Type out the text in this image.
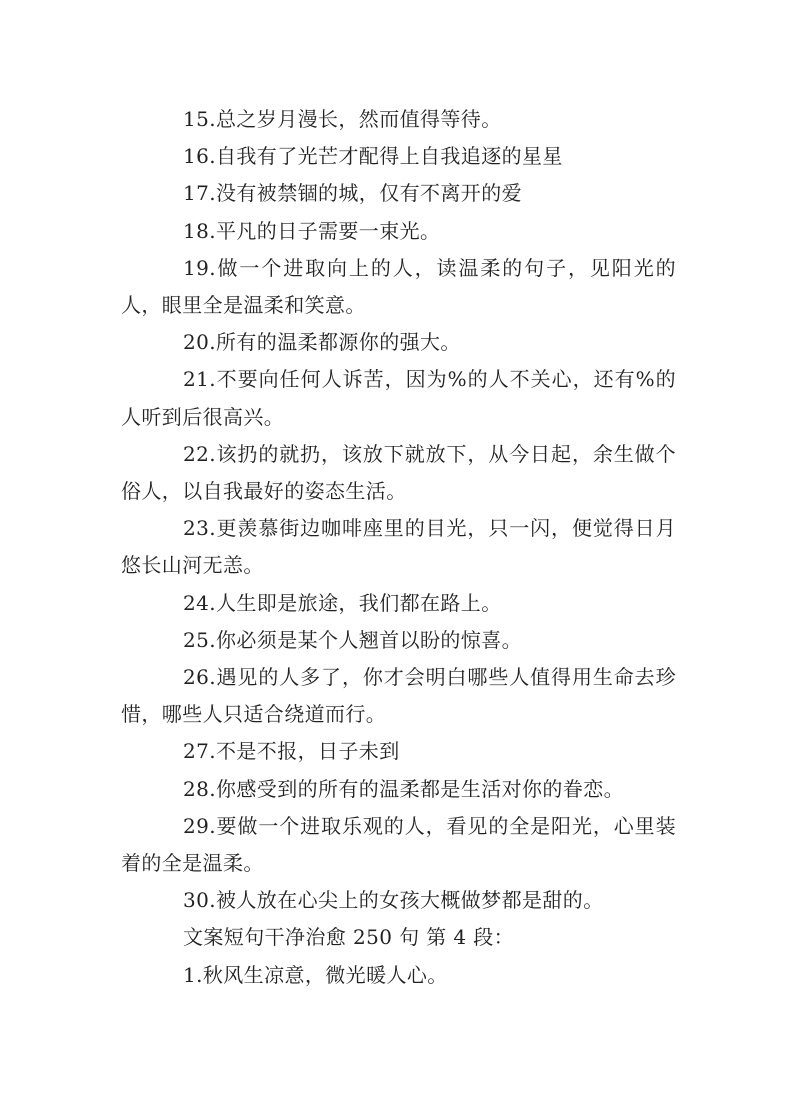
15.总之岁月漫长，然而值得等待。

16.自我有了光芒才配得上自我追逐的星星

17.没有被禁锢的城，仅有不离开的爱

18.平凡的日子需要一束光。

19.做一个进取向上的人，读温柔的句子，见阳光的人，眼里全是温柔和笑意。

20.所有的温柔都源你的强大。

21.不要向任何人诉苦，因为%的人不关心，还有%的人听到后很高兴。

22.该扔的就扔，该放下就放下，从今日起，余生做个俗人，以自我最好的姿态生活。

23.更羡慕街边咖啡座里的目光，只一闪，便觉得日月悠长山河无恙。

24.人生即是旅途，我们都在路上。

25.你必须是某个人翘首以盼的惊喜。

26.遇见的人多了，你才会明白哪些人值得用生命去珍惜，哪些人只适合绕道而行。

27.不是不报，日子未到

28.你感受到的所有的温柔都是生活对你的眷恋。

29.要做一个进取乐观的人，看见的全是阳光，心里装着的全是温柔。

30.被人放在心尖上的女孩大概做梦都是甜的。

文案短句干净治愈 250 句 第 4 段：

1.秋风生凉意，微光暖人心。
